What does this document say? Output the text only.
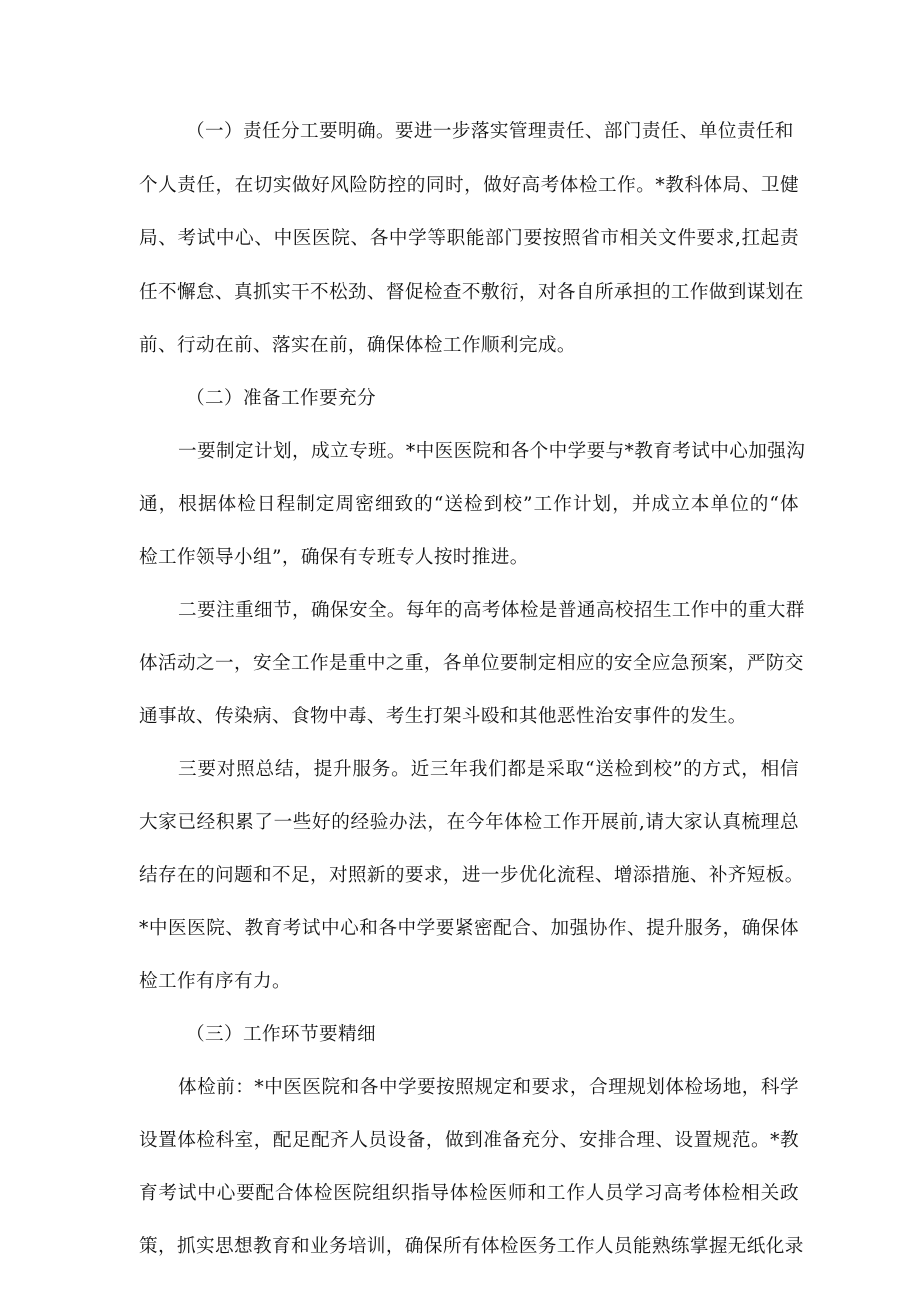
（一）责任分工要明确。要进一步落实管理责任、部门责任、单位责任和
个人责任，在切实做好风险防控的同时，做好高考体检工作。*教科体局、卫健
局、考试中心、中医医院、各中学等职能部门要按照省市相关文件要求,扛起责
任不懈怠、真抓实干不松劲、督促检查不敷衍，对各自所承担的工作做到谋划在
前、行动在前、落实在前，确保体检工作顺利完成。
（二）准备工作要充分
一要制定计划，成立专班。*中医医院和各个中学要与*教育考试中心加强沟
通，根据体检日程制定周密细致的“送检到校”工作计划，并成立本单位的“体
检工作领导小组”，确保有专班专人按时推进。
二要注重细节，确保安全。每年的高考体检是普通高校招生工作中的重大群
体活动之一，安全工作是重中之重，各单位要制定相应的安全应急预案，严防交
通事故、传染病、食物中毒、考生打架斗殴和其他恶性治安事件的发生。
三要对照总结，提升服务。近三年我们都是采取“送检到校”的方式，相信
大家已经积累了一些好的经验办法，在今年体检工作开展前,请大家认真梳理总
结存在的问题和不足，对照新的要求，进一步优化流程、增添措施、补齐短板。
*中医医院、教育考试中心和各中学要紧密配合、加强协作、提升服务，确保体
检工作有序有力。
（三）工作环节要精细
体检前：*中医医院和各中学要按照规定和要求，合理规划体检场地，科学
设置体检科室，配足配齐人员设备，做到准备充分、安排合理、设置规范。*教
育考试中心要配合体检医院组织指导体检医师和工作人员学习高考体检相关政
策，抓实思想教育和业务培训，确保所有体检医务工作人员能熟练掌握无纸化录
